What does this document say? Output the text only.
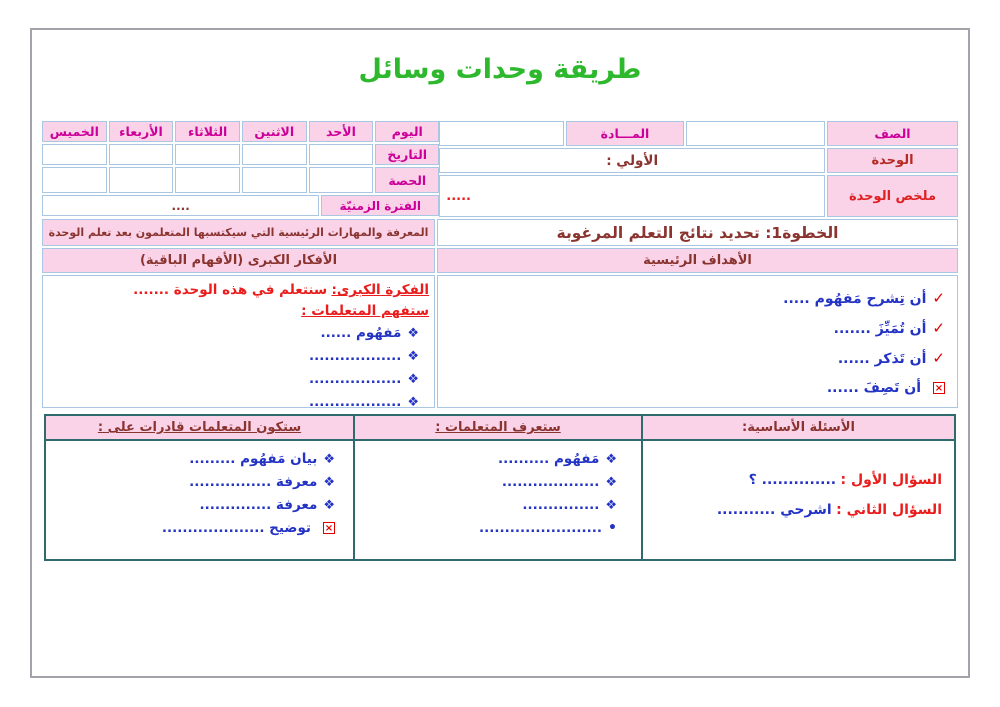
طريقة وحدات وسائل
الصف
المـــادة
الوحدة
الأولي :
ملخص الوحدة
.....
اليوم
الأحد
الاثنين
الثلاثاء
الأربعاء
الخميس
التاريخ
الحصة
الفترة الزمنيّة
....
الخطوة1: تحديد نتائج التعلم المرغوبة
المعرفة والمهارات الرئيسية التي سيكتسبها المتعلمون بعد تعلم الوحدة
الأهداف الرئيسية
الأفكار الكبرى (الأفهام الباقية)
✓أن تِشرح مَفهُوم .....
✓أن تُمَيِّزَ .......
✓أن تَذكر ......
×أن تَصِفَ ......
الفكرة الكبرى: سنتعلم في هذه الوحدة .......
ستفهم المتعلمات :
❖مَفهُوم ......
❖..................
❖..................
❖..................
الأسئلة الأساسية:
السؤال الأول : .............. ؟
السؤال الثاني : اشرحي ...........
ستعرف المتعلمات :
❖مَفهُوم ..........
❖...................
❖...............
•........................
ستكون المتعلمات قادرات على :
❖بيان مَفهُوم .........
❖معرفة ................
❖معرفة ..............
×توضيح ....................
